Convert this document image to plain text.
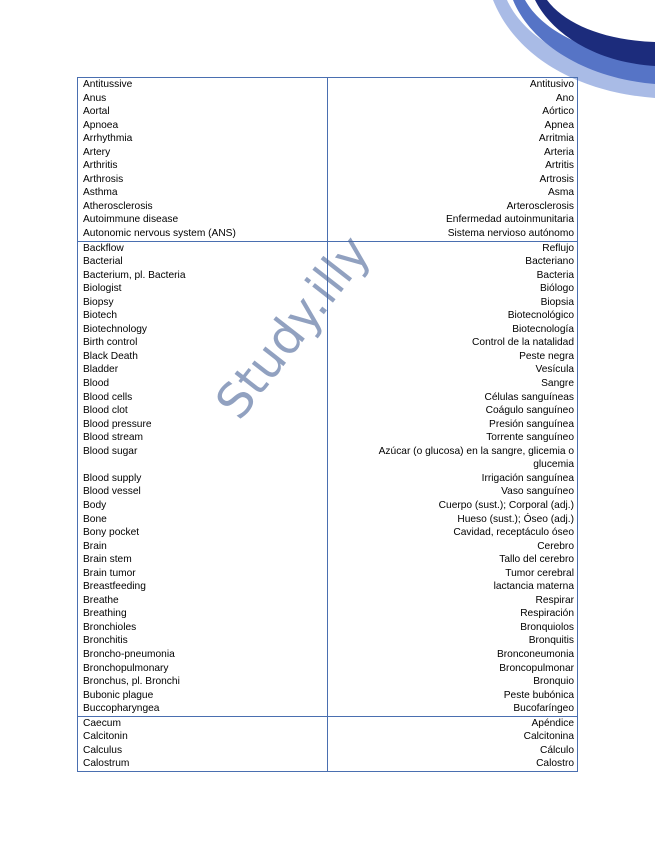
Antitussive	Antitusivo
Anus	Ano
Aortal	Aórtico
Apnoea	Apnea
Arrhythmia	Arritmia
Artery	Arteria
Arthritis	Artritis
Arthrosis	Artrosis
Asthma	Asma
Atherosclerosis	Arterosclerosis
Autoimmune disease	Enfermedad autoinmunitaria
Autonomic nervous system (ANS)	Sistema nervioso autónomo
Backflow	Reflujo
Bacterial	Bacteriano
Bacterium, pl. Bacteria	Bacteria
Biologist	Biólogo
Biopsy	Biopsia
Biotech	Biotecnológico
Biotechnology	Biotecnología
Birth control	Control de la natalidad
Black Death	Peste negra
Bladder	Vesícula
Blood	Sangre
Blood cells	Células sanguíneas
Blood clot	Coágulo sanguíneo
Blood pressure	Presión sanguínea
Blood stream	Torrente sanguíneo
Blood sugar	Azúcar (o glucosa) en la sangre, glicemia o glucemia
Blood supply	Irrigación sanguínea
Blood vessel	Vaso sanguíneo
Body	Cuerpo (sust.); Corporal (adj.)
Bone	Hueso (sust.); Óseo (adj.)
Bony pocket	Cavidad, receptáculo óseo
Brain	Cerebro
Brain stem	Tallo del cerebro
Brain tumor	Tumor cerebral
Breastfeeding	lactancia materna
Breathe	Respirar
Breathing	Respiración
Bronchioles	Bronquiolos
Bronchitis	Bronquitis
Broncho-pneumonia	Bronconeumonia
Bronchopulmonary	Broncopulmonar
Bronchus, pl. Bronchi	Bronquio
Bubonic plague	Peste bubónica
Buccopharyngea	Bucofaríngeo
Caecum	Apéndice
Calcitonin	Calcitonina
Calculus	Cálculo
Calostrum	Calostro
Study.illy
